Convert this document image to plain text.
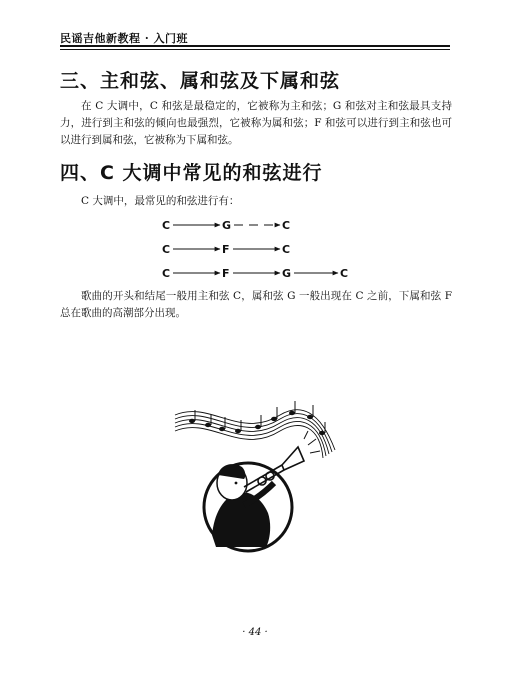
民谣吉他新教程 · 入门班
三、主和弦、属和弦及下属和弦

在 C 大调中，C 和弦是最稳定的，它被称为主和弦；G 和弦对主和弦最具支持力，进行到主和弦的倾向也最强烈，它被称为属和弦；F 和弦可以进行到主和弦也可以进行到属和弦，它被称为下属和弦。

四、C 大调中常见的和弦进行

C 大调中，最常见的和弦进行有：

C	G	C
C	F	C
C	F	G	C

歌曲的开头和结尾一般用主和弦 C，属和弦 G 一般出现在 C 之前，下属和弦 F 总在歌曲的高潮部分出现。

· 44 ·
